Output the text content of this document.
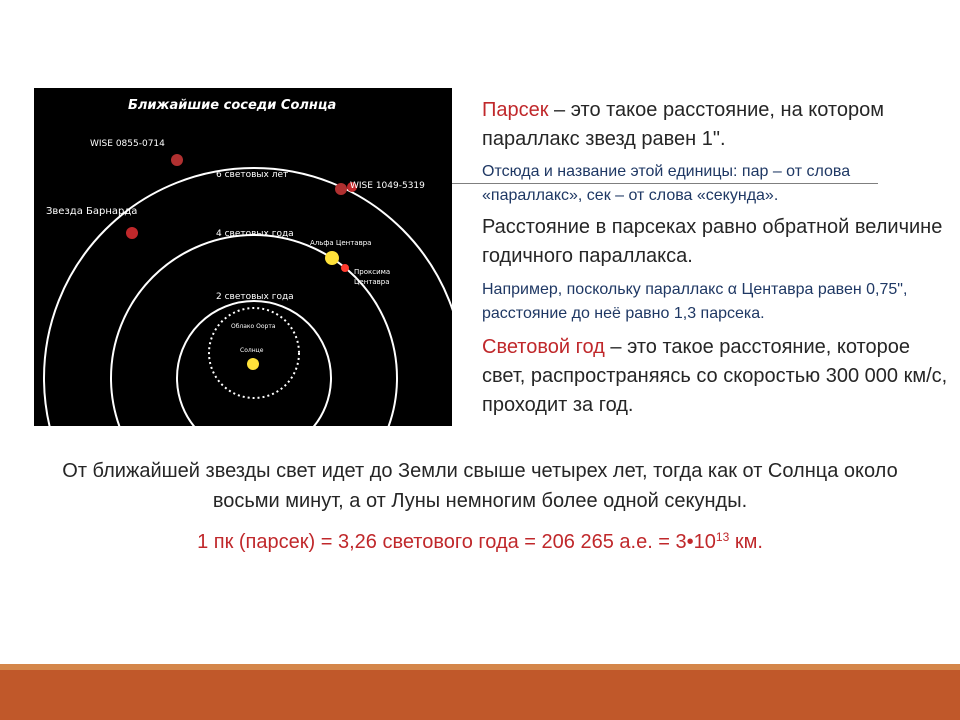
Ближайшие соседи Солнца
WISE 0855-0714
WISE 1049-5319
Звезда Барнарда
6 световых лет
4 световых года
Альфа Центавра
Проксима
Центавра
2 световых года
Облако Oорта
Солнце
Парсек – это такое расстояние, на котором параллакс звезд равен 1".
Отсюда и название этой единицы: пар – от слова «параллакс», сек – от слова «секунда».
Расстояние в парсеках равно обратной величине годичного параллакса.
Например, поскольку параллакс α Центавра равен 0,75", расстояние до неё равно 1,3 парсека.
Световой год – это такое расстояние, которое свет, распространяясь со скоростью 300 000 км/с, проходит за год.
От ближайшей звезды свет идет до Земли свыше четырех лет, тогда как от Солнца около восьми минут, а от Луны немногим более одной секунды.
1 пк (парсек) = 3,26 светового года = 206 265 а.е. = $3•10^{13}$ км.
